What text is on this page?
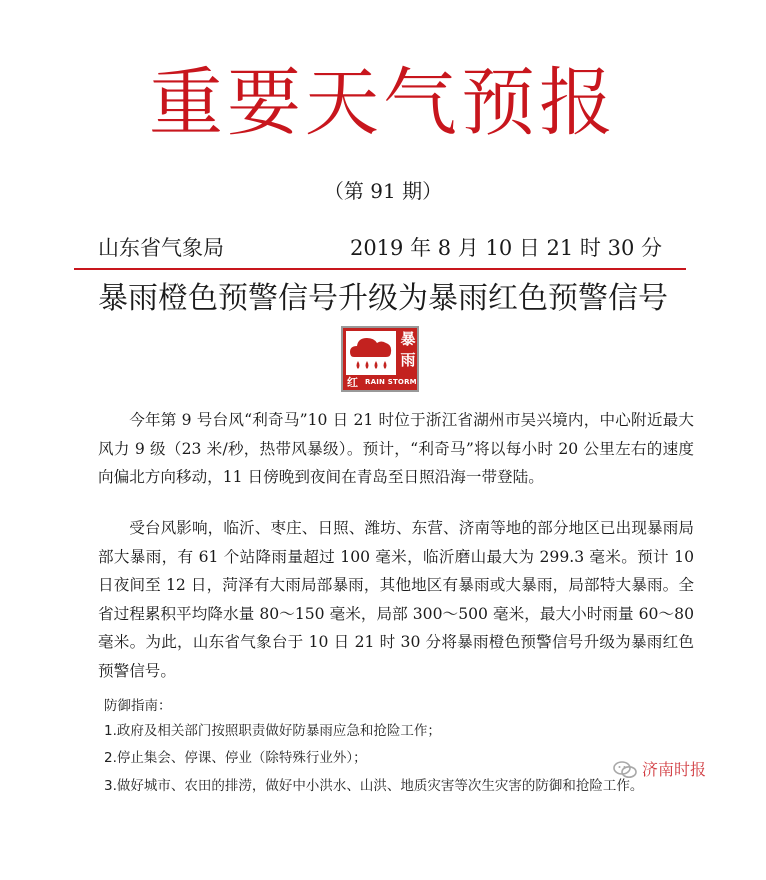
重要天气预报
（第 91 期）
山东省气象局	2019 年 8 月 10 日 21 时 30 分
暴雨橙色预警信号升级为暴雨红色预警信号
暴
雨
红 RAIN STORM

今年第 9 号台风“利奇马”10 日 21 时位于浙江省湖州市吴兴境内，中心附近最大风力 9 级（23 米/秒，热带风暴级）。预计，“利奇马”将以每小时 20 公里左右的速度向偏北方向移动，11 日傍晚到夜间在青岛至日照沿海一带登陆。

受台风影响，临沂、枣庄、日照、潍坊、东营、济南等地的部分地区已出现暴雨局部大暴雨，有 61 个站降雨量超过 100 毫米，临沂磨山最大为 299.3 毫米。预计 10 日夜间至 12 日，菏泽有大雨局部暴雨，其他地区有暴雨或大暴雨，局部特大暴雨。全省过程累积平均降水量 80～150 毫米，局部 300～500 毫米，最大小时雨量 60～80 毫米。为此，山东省气象台于 10 日 21 时 30 分将暴雨橙色预警信号升级为暴雨红色预警信号。

防御指南：
1.政府及相关部门按照职责做好防暴雨应急和抢险工作；
2.停止集会、停课、停业（除特殊行业外）；
3.做好城市、农田的排涝，做好中小洪水、山洪、地质灾害等次生灾害的防御和抢险工作。
济南时报
